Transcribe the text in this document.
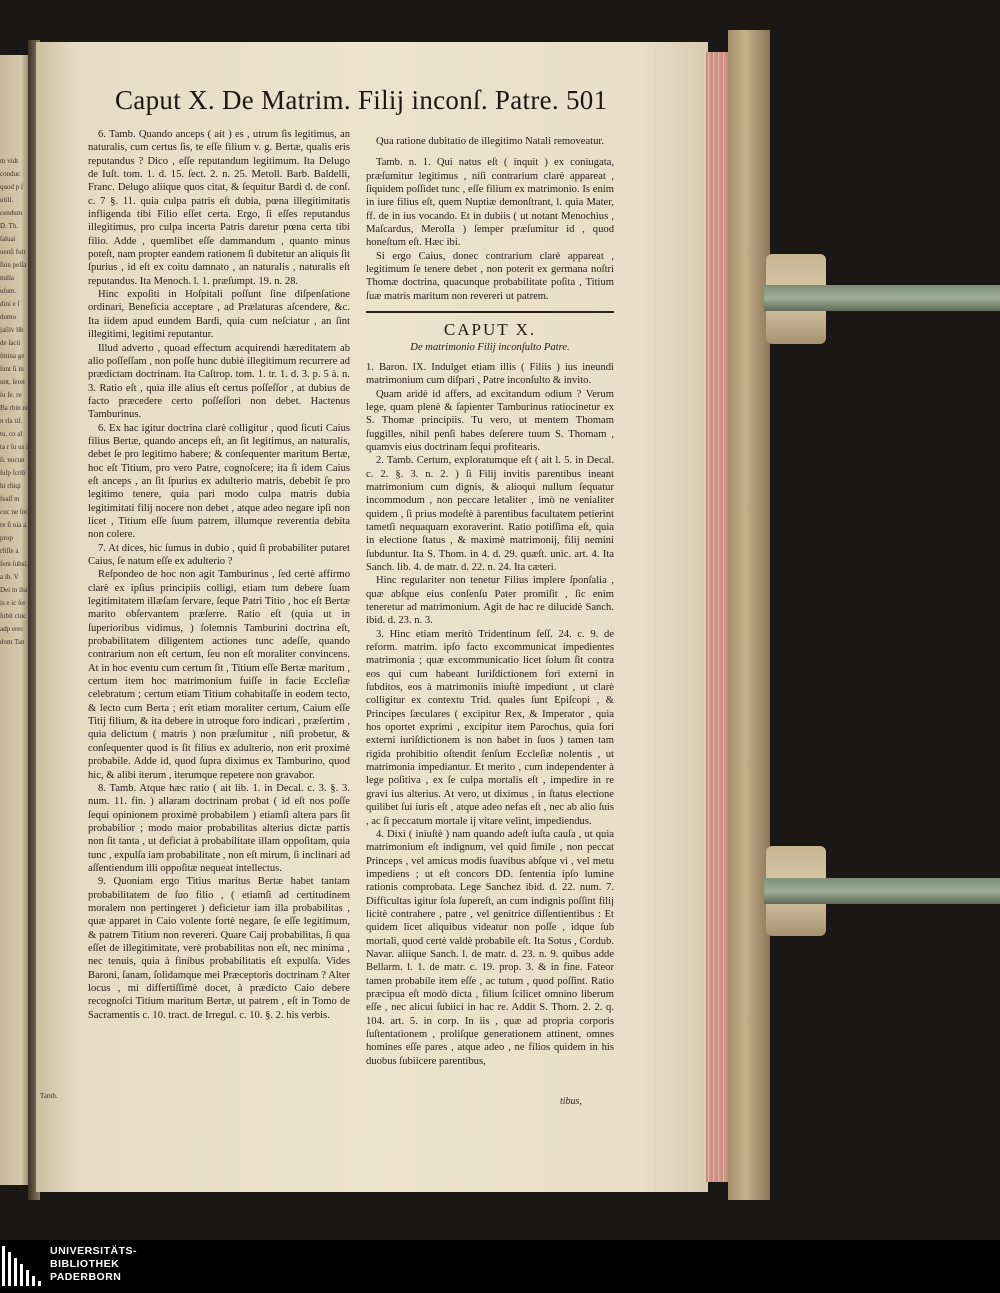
m vidt conduc quod p ſ utili. cendum D. Th. ſaluai uenſi fuit ſion peſſa nulla uſum. dini e ſ domo jaſilv lib de ſacii ſmina ge ſunt ſi in unt, ſerei ſu fe. re Ba rbin ni n rſa tif. tu, co al ta r ſu us ſ ſi. nocun ſuſp ſcrib hi rſtiqi feaſſ m cuc ne ſot re ſi nia a prop rfiſſe a fem ſubsi. a ib. V Dei in ilsi is e ic ſer ſubit cinc adp erec dom Tan
Caput X. De Matrim. Filij inconſ. Patre. 501

6. Tamb. Quando anceps ( ait ) es , utrum ſis legitimus, an naturalis, cum certus ſis, te eſſe filium v. g. Bertæ, qualis eris reputandus ? Dico , eſſe reputandum legitimum. Ita Delugo de Iuſt. tom. 1. d. 15. ſect. 2. n. 25. Metoll. Barb. Baldelli, Franc. Delugo aliique quos citat, & ſequitur Bardi d. de conſ. c. 7 §. 11. quia culpa patris eſt dubia, pœna illegitimitatis infligenda tibi Filio eſſet certa. Ergo, ſi eſſes reputandus illegitimus, pro culpa incerta Patris daretur pœna certa tibi filio. Adde , quemlibet eſſe dammandum , quanto minus poteſt, nam propter eandem rationem ſi dubitetur an aliquis ſit ſpurius , id eſt ex coitu damnato , an naturalis , naturalis eſt reputandus. Ita Menoch. l. 1. præſumpt. 19. n. 28.

Hinc expoſiti in Hoſpitali poſſunt ſine diſpenſatione ordinari, Beneficia acceptare , ad Prælaturas aſcendere, &c. Ita iidem apud eundem Bardi, quia cum neſciatur , an ſint illegitimi, legitimi reputantur.

Illud adverto , quoad effectum acquirendi hæreditatem ab alio poſſeſſam , non poſſe hunc dubiè illegitimum recurrere ad prædictam doctrinam. Ita Caſtrop. tom. 1. tr. 1. d. 3. p. 5 à. n. 3. Ratio eſt , quia ille alius eſt certus poſſeſſor , at dubius de facto præcedere certo poſſeſſori non debet. Hactenus Tamburinus.

6. Ex hac igitur doctrina clarè colligitur , quod ſicuti Caius filius Bertæ, quando anceps eſt, an ſit legitimus, an naturalis, debet ſe pro legitimo habere; & conſequenter maritum Bertæ, hoc eſt Titium, pro vero Patre, cognoſcere; ita ſi idem Caius eſt anceps , an ſit ſpurius ex adulterio matris, debebit ſe pro legitimo tenere, quia pari modo culpa matris dubia legitimitati filij nocere non debet , atque adeo negare ipſi non licet , Titium eſſe ſuum patrem, illumque reverentia debita non colere.

7. At dices, hic ſumus in dubio , quid ſi probabiliter putaret Caius, ſe natum eſſe ex adulterio ?

Reſpondeo de hoc non agit Tamburinus , ſed certè affirmo clarè ex ipſius principiis colligi, etiam tum debere ſuam legitimitatem illæſam ſervare, ſeque Patri Titio , hoc eſt Bertæ marito obſervantem præſerre. Ratio eſt (quia ut in ſuperioribus vidimus, ) ſolemnis Tamburini doctrina eſt, probabilitatem diligentem actiones tunc adeſſe, quando contrarium non eſt certum, ſeu non eſt moraliter convincens. At in hoc eventu cum certum ſit , Titium eſſe Bertæ maritum , certum item hoc matrimonium fuiſſe in facie Eccleſiæ celebratum ; certum etiam Titium cohabitaſſe in eodem tecto, & lecto cum Berta ; erit etiam moraliter certum, Caium eſſe Titij filium, & ita debere in utroque foro indicari , præſertim , quia delictum ( matris ) non præſumitur , niſi probetur, & conſequenter quod is ſit filius ex adulterio, non erit proximè probabile. Adde id, quod ſupra diximus ex Tamburino, quod hic, & alibi iterum , iterumque repetere non gravabor.

8. Tamb. Atque hæc ratio ( ait lib. 1. in Decal. c. 3. §. 3. num. 11. fin. ) allaram doctrinam probat ( id eſt nos poſſe ſequi opinionem proximè probabilem ) etiamſi altera pars ſit probabilior ; modo maior probabilitas alterius dictæ partis non ſit tanta , ut deficiat à probabilitate illam oppoſitam, quia tunc , expulſa iam probabilitate , non eſt mirum, ſi inclinari ad aſſentiendum illi oppoſitæ nequeat intellectus.

9. Quoniam ergo Titius maritus Bertæ habet tantam probabilitatem de ſuo filio , ( etiamſi ad certitudinem moralem non pertingeret ) deficietur iam illa probabilitas , quæ apparet in Caio volente fortè negare, ſe eſſe legitimum, & patrem Titium non revereri. Quare Caij probabilitas, ſi qua eſſet de illegitimitate, verè probabilitas non eſt, nec minima , nec tenuis, quia à finibus probabilitatis eſt expulſa. Vides Baroni, ſanam, ſolidamque mei Præceptoris doctrinam ? Alter locus , mi differtiſſimè docet, à prædicto Caio debere recognoſci Titium maritum Bertæ, ut patrem , eſt in Tomo de Sacramentis c. 10. tract. de Irregul. c. 10. §. 2. his verbis.

Qua ratione dubitatio de illegitimo Natali removeatur.

Tamb. n. 1. Qui natus eſt ( inquit ) ex coniugata, præſumitur legitimus , niſi contrarium clarè appareat , ſiquidem poſſidet tunc , eſſe filium ex matrimonio. Is enim in iure filius eſt, quem Nuptiæ demonſtrant, l. quia Mater, ff. de in ius vocando. Et in dubiis ( ut notant Menochius , Maſcardus, Merolla ) ſemper præſumitur id , quod honeſtum eſt. Hæc ibi.

Si ergo Caius, donec contrarium clarè appareat , legitimum ſe tenere debet , non poterit ex germana noſtri Thomæ doctrina, quacunque probabilitate poſita , Titium ſuæ matris maritum non revereri ut patrem.

CAPUT X.

De matrimonio Filij inconſulto Patre.

1. Baron. IX. Indulget etiam illis ( Filiis ) ius ineundi matrimonium cum diſpari , Patre inconſulto & invito.

Quam aridè id affers, ad excitandum odium ? Verum lege, quam plenè & ſapienter Tamburinus ratiocinetur ex S. Thomæ principiis. Tu vero, ut mentem Thomam ſuggilles, nihil penſi habes deſerere tuum S. Thomam , quamvis eius doctrinam ſequi profitearis.

2. Tamb. Certum, exploratumque eſt ( ait l. 5. in Decal. c. 2. §. 3. n. 2. ) ſi Filij invitis parentibus ineant matrimonium cum dignis, & alioqui nullum ſequatur incommodum , non peccare letaliter , imò ne venialiter quidem , ſi prius modeſtè à parentibus facultatem petierint tametſi nequaquam exoraverint. Ratio potiſſima eſt, quia in electione ſtatus , & maximè matrimonij, filij nemini ſubduntur. Ita S. Thom. in 4. d. 29. quæſt. unic. art. 4. Ita Sanch. lib. 4. de matr. d. 22. n. 24. Ita cæteri.

Hinc regulariter non tenetur Filius implere ſponſalia , quæ abſque eius conſenſu Pater promiſit , ſic enim teneretur ad matrimonium. Agit de hac re dilucidè Sanch. ibid. d. 23. n. 3.

3. Hinc etiam meritò Tridentinum ſeſſ. 24. c. 9. de reform. matrim. ipſo facto excommunicat impedientes matrimonia ; quæ excommunicatio licet ſolum ſit contra eos qui cum habeant Iuriſdictionem fori externi in ſubditos, eos à matrimoniis iniuſtè impediunt , ut clarè colligitur ex contextu Trid. quales ſunt Epiſcopi , & Principes ſæculares ( excipitur Rex, & Imperator , quia hos oportet exprimi , excipitur item Parochus, quia fori externi iuriſdictionem is non habet in ſuos ) tamen tam rigida prohibitio oſtendit ſenſum Eccleſiæ nolentis , ut matrimonia impediantur. Et merito , cum independenter à lege poſitiva , ex ſe culpa mortalis eſt , impedire in re gravi ius alterius. At vero, ut diximus , in ſtatus electione quilibet ſui iuris eſt , atque adeo nefas eſt , nec ab alio ſuis , ac ſi peccatum mortale ij vitare velint, impediendus.

4. Dixi ( iniuſtè ) nam quando adeſt iuſta cauſa , ut quia matrimonium eſt indignum, vel quid ſimile , non peccat Princeps , vel amicus modis ſuavibus abſque vi , vel metu impediens ; ut eſt concors DD. ſententia ipſo lumine rationis comprobata. Lege Sanchez ibid. d. 22. num. 7. Difficultas igitur ſola ſupereſt, an cum indignis poſſint filij licitè contrahere , patre , vel genitrice diſſentientibus : Et quidem licet aliquibus videatur non poſſe , idque ſub mortali, quod certè valdè probabile eſt. Ita Sotus , Cordub. Navar. aliique Sanch. l. de matr. d. 23. n. 9. quibus adde Bellarm. l. 1. de matr. c. 19. prop. 3. & in fine. Fateor tamen probabile item eſſe , ac tutum , quod poſſint. Ratio præcipua eſt modò dicta , filium ſcilicet omnino liberum eſſe , nec alicui ſubiici in hac re. Addit S. Thom. 2. 2. q. 104. art. 5. in corp. In iis , quæ ad propria corporis ſuſtentationem , proliſque generationem attinent, omnes homines eſſe pares , atque adeo , ne filios quidem in his duobus ſubiicere parentibus,

Tamb.	tibus,
UNIVERSITÄTS-
BIBLIOTHEK
PADERBORN
